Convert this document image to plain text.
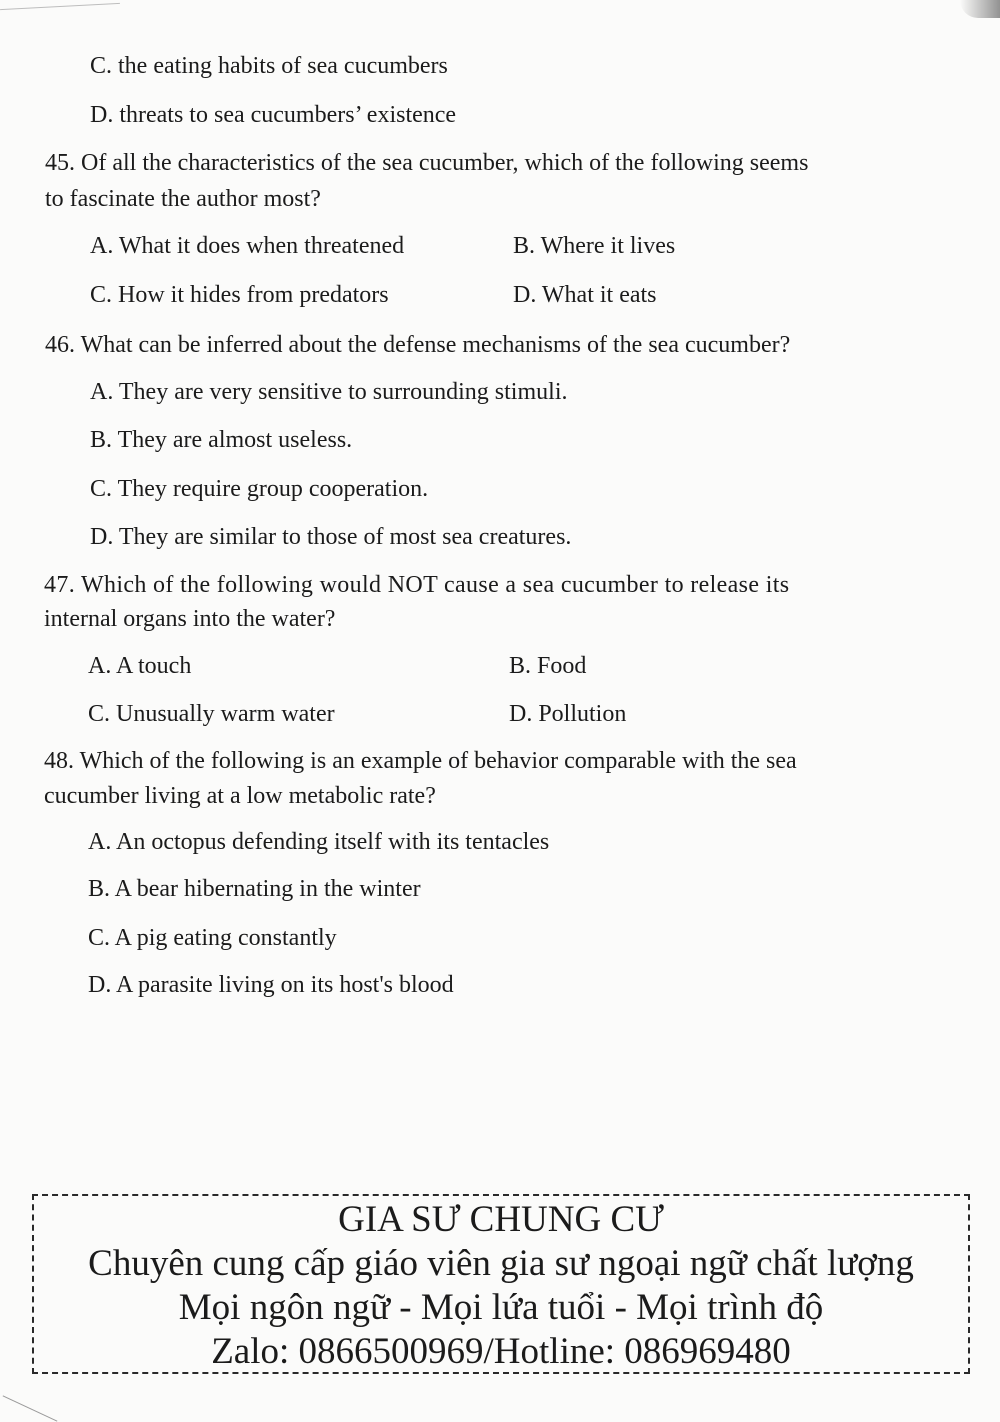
C. the eating habits of sea cucumbers
D. threats to sea cucumbers’ existence
45. Of all the characteristics of the sea cucumber, which of the following seems
to fascinate the author most?
A. What it does when threatened	B. Where it lives
C. How it hides from predators	D. What it eats
46. What can be inferred about the defense mechanisms of the sea cucumber?
A. They are very sensitive to surrounding stimuli.
B. They are almost useless.
C. They require group cooperation.
D. They are similar to those of most sea creatures.
47. Which of the following would NOT cause a sea cucumber to release its
internal organs into the water?
A. A touch	B. Food
C. Unusually warm water	D. Pollution
48. Which of the following is an example of behavior comparable with the sea
cucumber living at a low metabolic rate?
A. An octopus defending itself with its tentacles
B. A bear hibernating in the winter
C. A pig eating constantly
D. A parasite living on its host's blood
GIA SƯ CHUNG CƯ
Chuyên cung cấp giáo viên gia sư ngoại ngữ chất lượng
Mọi ngôn ngữ - Mọi lứa tuổi - Mọi trình độ
Zalo: 0866500969/Hotline: 086969480
